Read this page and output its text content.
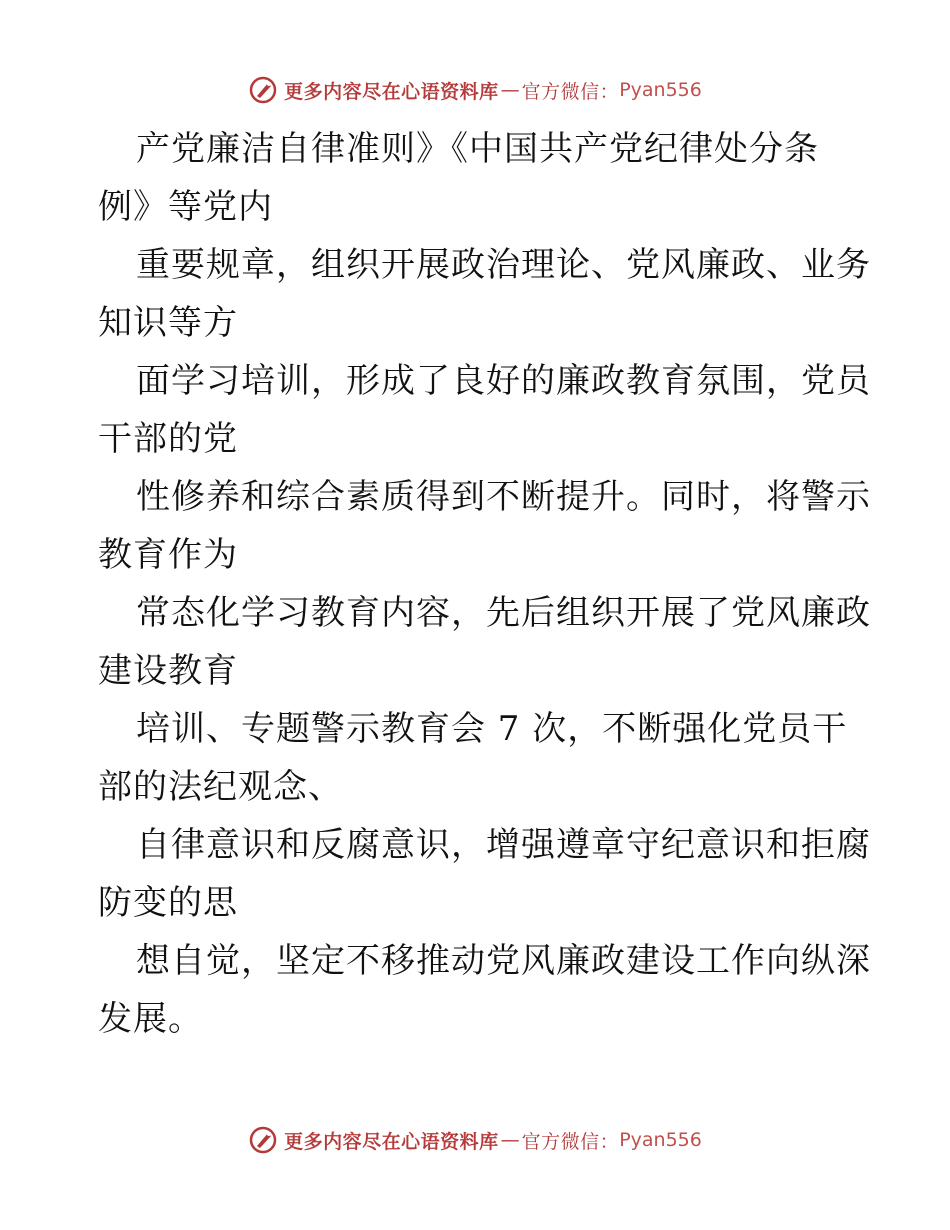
更多内容尽在心语资料库 — 官方微信： Pyan556
产党廉洁自律准则》《中国共产党纪律处分条
例》等党内
重要规章，组织开展政治理论、党风廉政、业务
知识等方
面学习培训，形成了良好的廉政教育氛围，党员
干部的党
性修养和综合素质得到不断提升。同时，将警示
教育作为
常态化学习教育内容，先后组织开展了党风廉政
建设教育
培训、专题警示教育会 7 次，不断强化党员干
部的法纪观念、
自律意识和反腐意识，增强遵章守纪意识和拒腐
防变的思
想自觉，坚定不移推动党风廉政建设工作向纵深
发展。
更多内容尽在心语资料库 — 官方微信： Pyan556
